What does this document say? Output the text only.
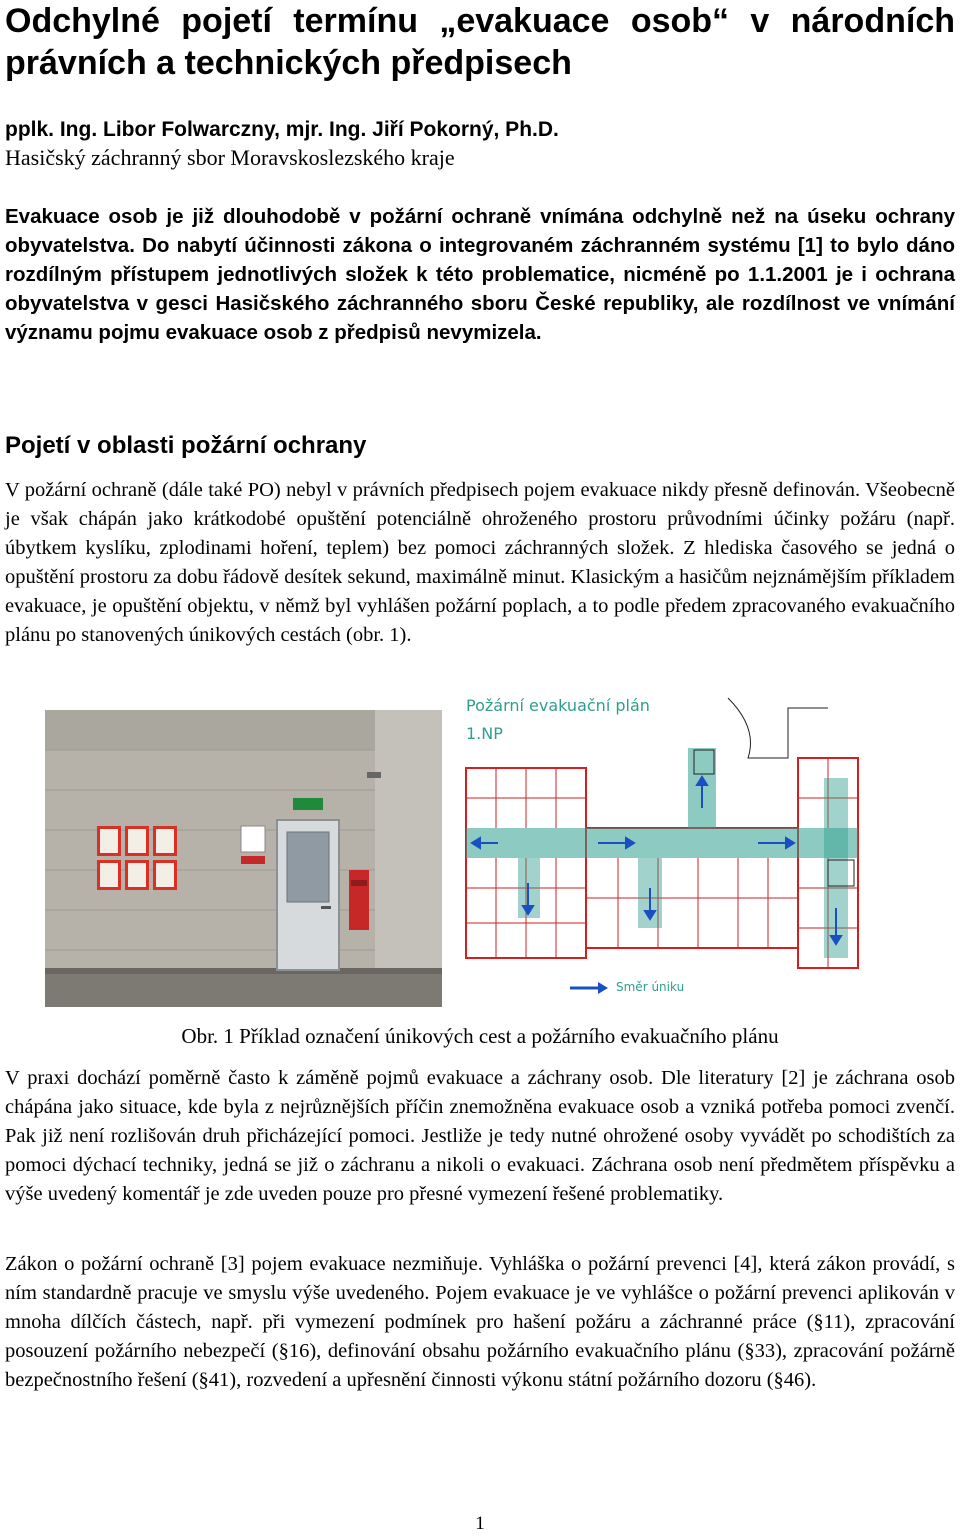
Odchylné pojetí termínu „evakuace osob“ v národních právních a technických předpisech
pplk. Ing. Libor Folwarczny, mjr. Ing. Jiří Pokorný, Ph.D.
Hasičský záchranný sbor Moravskoslezského kraje

Evakuace osob je již dlouhodobě v požární ochraně vnímána odchylně než na úseku ochrany obyvatelstva. Do nabytí účinnosti zákona o integrovaném záchranném systému [1] to bylo dáno rozdílným přístupem jednotlivých složek k této problematice, nicméně po 1.1.2001 je i ochrana obyvatelstva v gesci Hasičského záchranného sboru České republiky, ale rozdílnost ve vnímání významu pojmu evakuace osob z předpisů nevymizela.

Pojetí v oblasti požární ochrany

V požární ochraně (dále také PO) nebyl v právních předpisech pojem evakuace nikdy přesně definován. Všeobecně je však chápán jako krátkodobé opuštění potenciálně ohroženého prostoru průvodními účinky požáru (např. úbytkem kyslíku, zplodinami hoření, teplem) bez pomoci záchranných složek. Z hlediska časového se jedná o opuštění prostoru za dobu řádově desítek sekund, maximálně minut. Klasickým a hasičům nejznámějším příkladem evakuace, je opuštění objektu, v němž byl vyhlášen požární poplach, a to podle předem zpracovaného evakuačního plánu po stanovených únikových cestách (obr. 1).

Požární evakuační plán
1.NP
Směr úniku
Obr. 1 Příklad označení únikových cest a požárního evakuačního plánu

V praxi dochází poměrně často k záměně pojmů evakuace a záchrany osob. Dle literatury [2] je záchrana osob chápána jako situace, kde byla z nejrůznějších příčin znemožněna evakuace osob a vzniká potřeba pomoci zvenčí. Pak již není rozlišován druh přicházející pomoci. Jestliže je tedy nutné ohrožené osoby vyvádět po schodištích za pomoci dýchací techniky, jedná se již o záchranu a nikoli o evakuaci. Záchrana osob není předmětem příspěvku a výše uvedený komentář je zde uveden pouze pro přesné vymezení řešené problematiky.

Zákon o požární ochraně [3] pojem evakuace nezmiňuje. Vyhláška o požární prevenci [4], která zákon provádí, s ním standardně pracuje ve smyslu výše uvedeného. Pojem evakuace je ve vyhlášce o požární prevenci aplikován v mnoha dílčích částech, např. při vymezení podmínek pro hašení požáru a záchranné práce (§11), zpracování posouzení požárního nebezpečí (§16), definování obsahu požárního evakuačního plánu (§33), zpracování požárně bezpečnostního řešení (§41), rozvedení a upřesnění činnosti výkonu státní požárního dozoru (§46).

1
